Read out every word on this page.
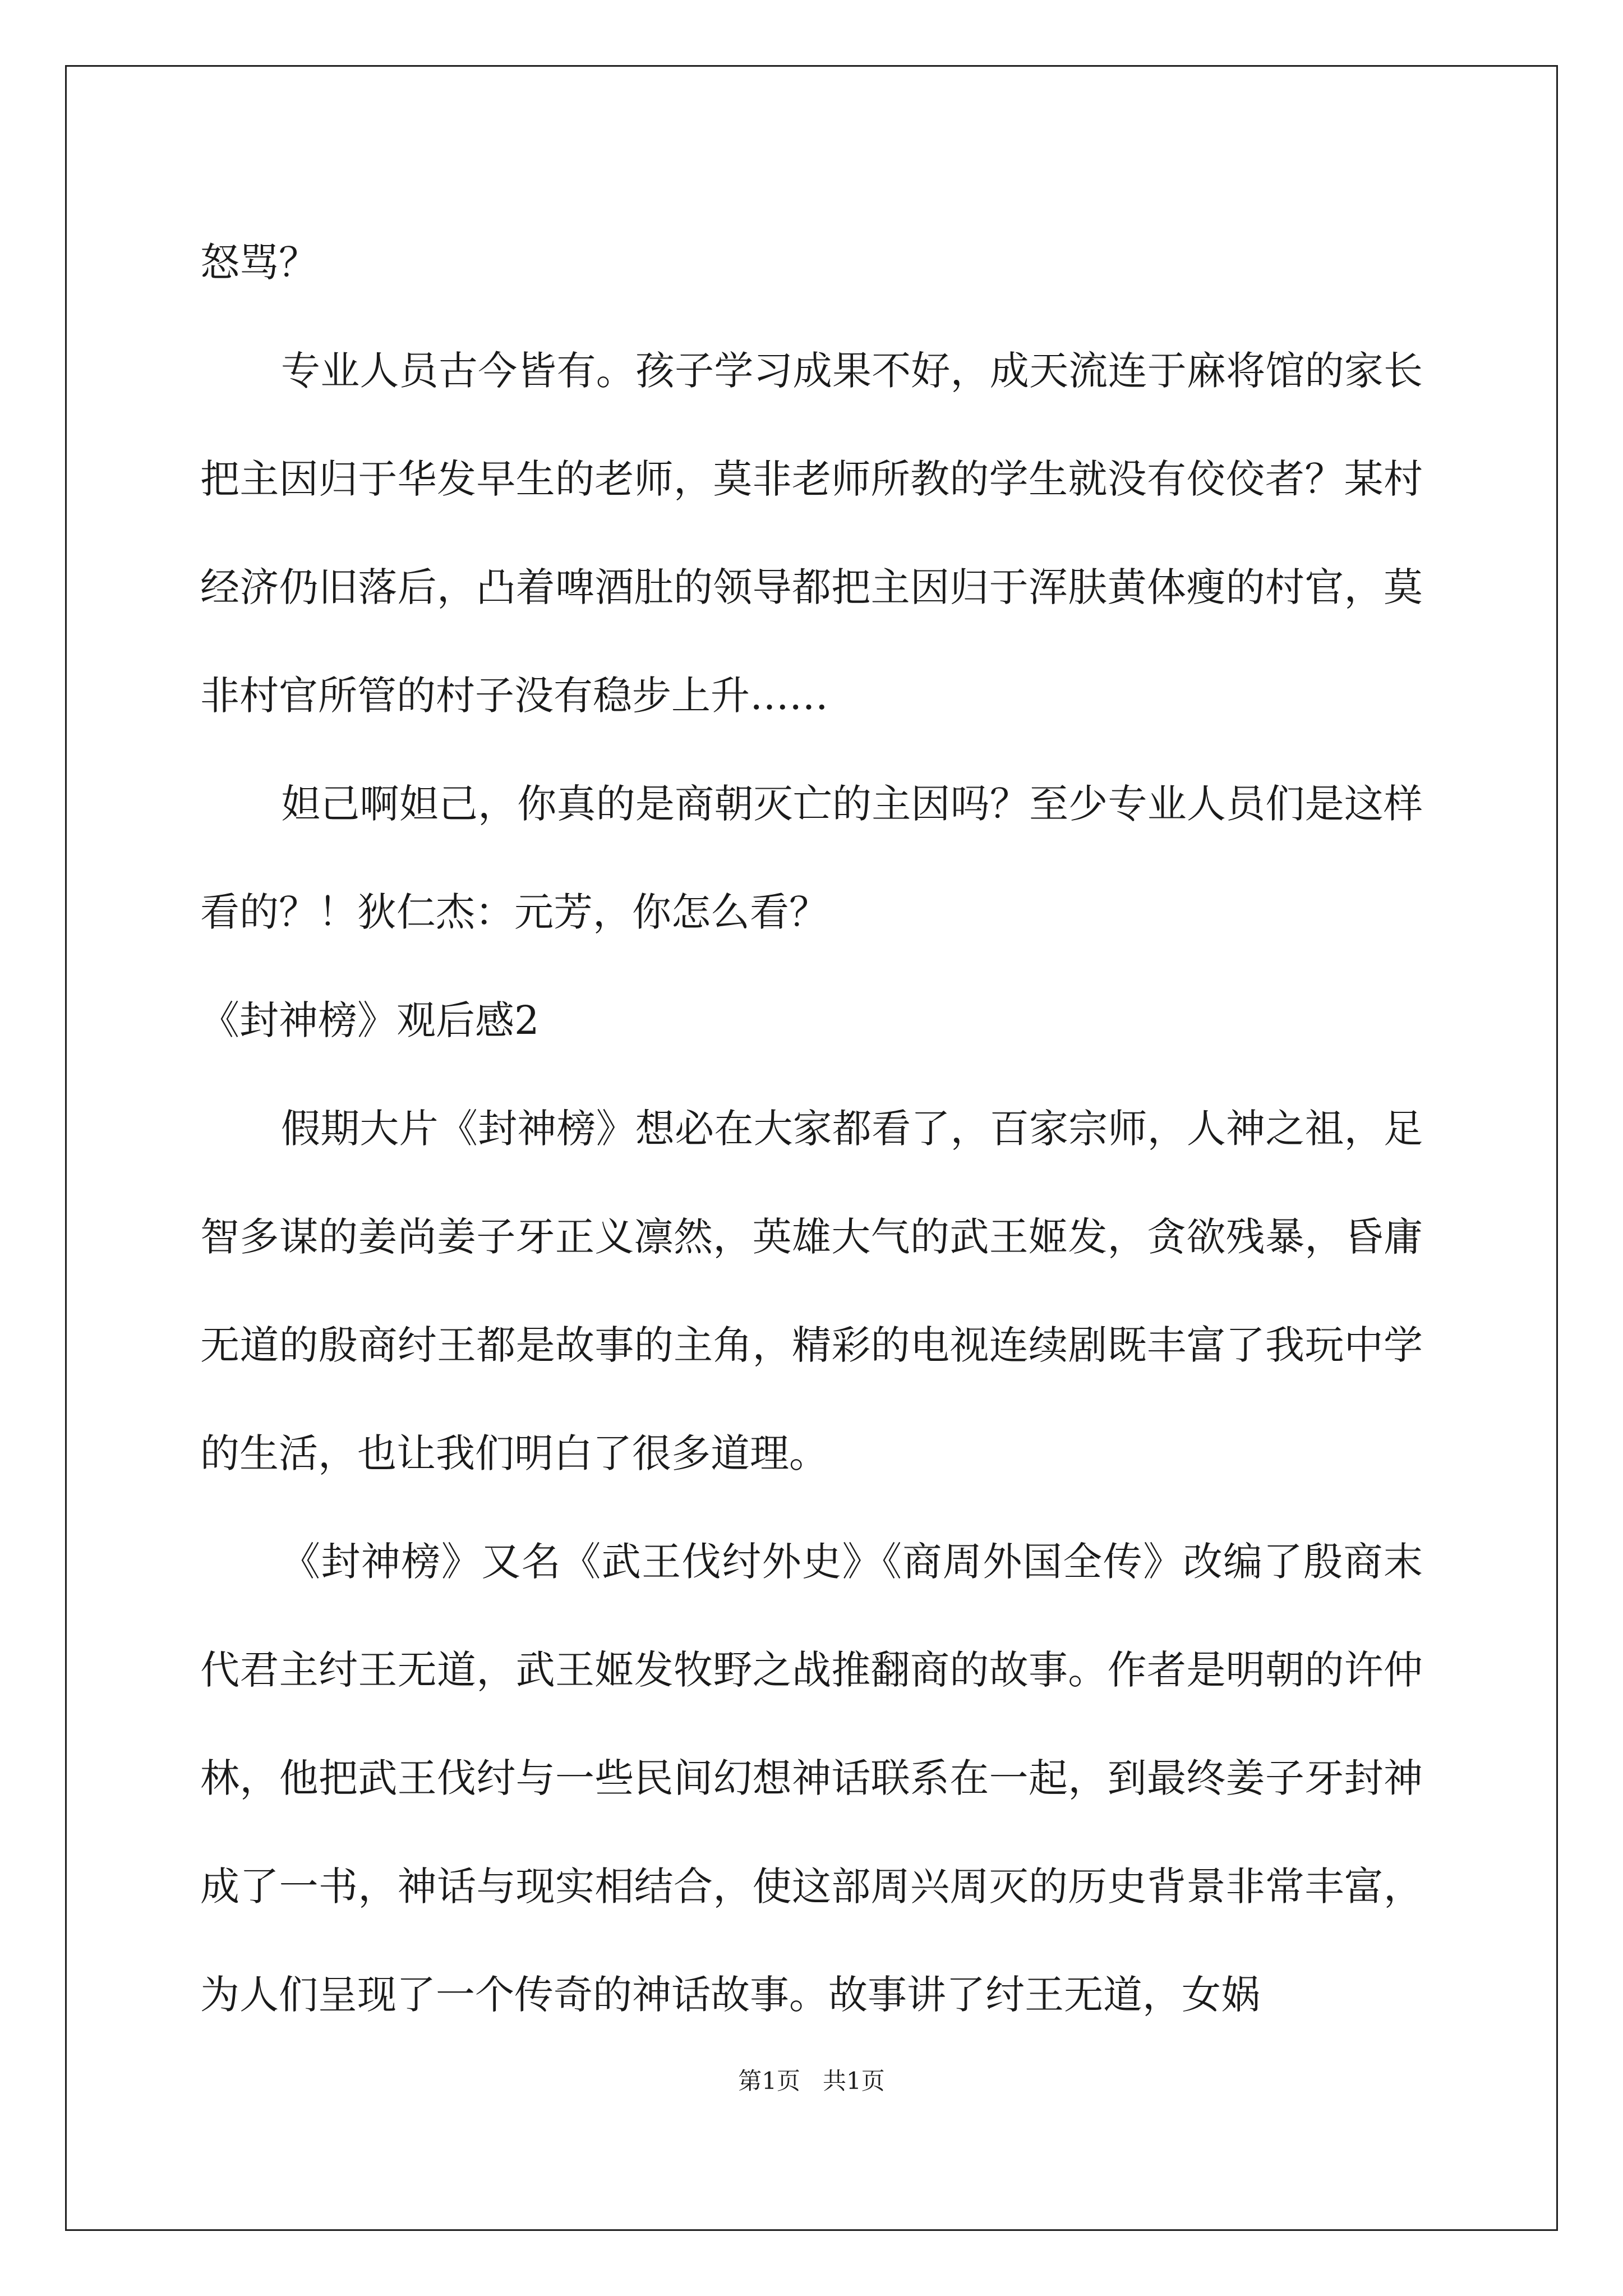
怒骂？

专业人员古今皆有。孩子学习成果不好，成天流连于麻将馆的家长把主因归于华发早生的老师，莫非老师所教的学生就没有佼佼者？某村经济仍旧落后，凸着啤酒肚的领导都把主因归于浑肤黄体瘦的村官，莫非村官所管的村子没有稳步上升……

妲己啊妲己，你真的是商朝灭亡的主因吗？至少专业人员们是这样看的？！狄仁杰：元芳，你怎么看？

《封神榜》观后感2

假期大片《封神榜》想必在大家都看了，百家宗师，人神之祖，足智多谋的姜尚姜子牙正义凛然，英雄大气的武王姬发，贪欲残暴，昏庸无道的殷商纣王都是故事的主角，精彩的电视连续剧既丰富了我玩中学的生活，也让我们明白了很多道理。

《封神榜》又名《武王伐纣外史》《商周外国全传》改编了殷商末代君主纣王无道，武王姬发牧野之战推翻商的故事。作者是明朝的许仲林，他把武王伐纣与一些民间幻想神话联系在一起，到最终姜子牙封神成了一书，神话与现实相结合，使这部周兴周灭的历史背景非常丰富，为人们呈现了一个传奇的神话故事。故事讲了纣王无道，女娲

第1页 共1页
